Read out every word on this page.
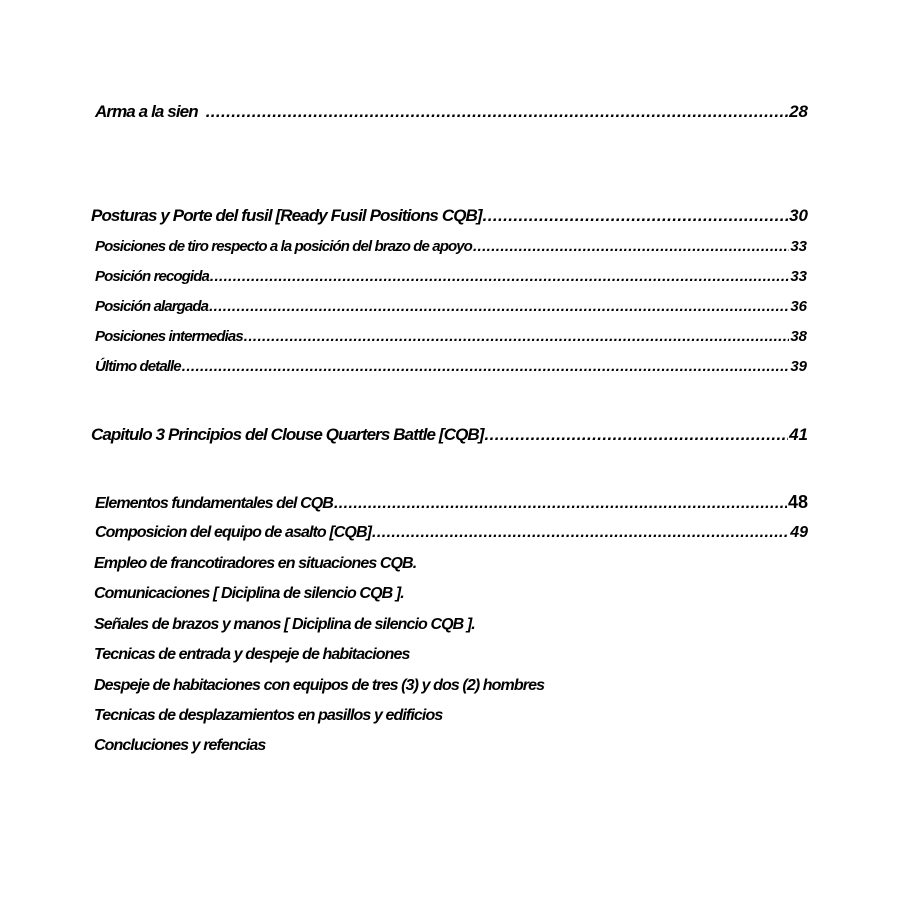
Arma a la sien .....	28
Posturas y Porte del fusil [Ready Fusil Positions CQB] .....	30
Posiciones de tiro respecto a la posición del brazo de apoyo .....	33
Posición recogida .....	33
Posición alargada .....	36
Posiciones intermedias .....	38
Último detalle .....	39
Capitulo 3 Principios del Clouse Quarters Battle [CQB] .....	41
Elementos fundamentales del CQB .....	48
Composicion del equipo de asalto [CQB] .....	49
Empleo de francotiradores en situaciones CQB.
Comunicaciones [ Diciplina de silencio CQB ].
Señales de brazos y manos [ Diciplina de silencio CQB ].
Tecnicas de entrada y despeje de habitaciones
Despeje de habitaciones con equipos de tres (3) y dos (2) hombres
Tecnicas de desplazamientos en pasillos y edificios
Concluciones y refencias
